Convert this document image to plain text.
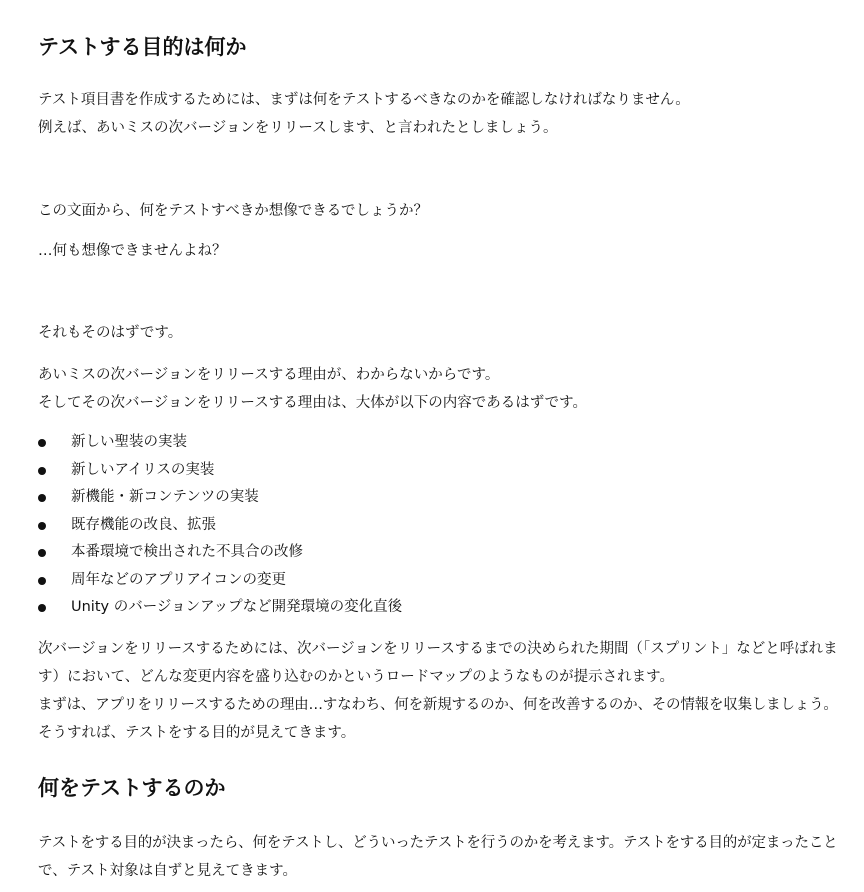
テストする目的は何か
テスト項目書を作成するためには、まずは何をテストするべきなのかを確認しなければなりません。
例えば、あいミスの次バージョンをリリースします、と言われたとしましょう。
この文面から、何をテストすべきか想像できるでしょうか？
…何も想像できませんよね？
それもそのはずです。
あいミスの次バージョンをリリースする理由が、わからないからです。
そしてその次バージョンをリリースする理由は、大体が以下の内容であるはずです。
新しい聖装の実装
新しいアイリスの実装
新機能・新コンテンツの実装
既存機能の改良、拡張
本番環境で検出された不具合の改修
周年などのアプリアイコンの変更
Unity のバージョンアップなど開発環境の変化直後
次バージョンをリリースするためには、次バージョンをリリースするまでの決められた期間（「スプリント」などと呼ばれま
す）において、どんな変更内容を盛り込むのかというロードマップのようなものが提示されます。
まずは、アプリをリリースするための理由…すなわち、何を新規するのか、何を改善するのか、その情報を収集しましょう。
そうすれば、テストをする目的が見えてきます。
何をテストするのか
テストをする目的が決まったら、何をテストし、どういったテストを行うのかを考えます。テストをする目的が定まったこと
で、テスト対象は自ずと見えてきます。
